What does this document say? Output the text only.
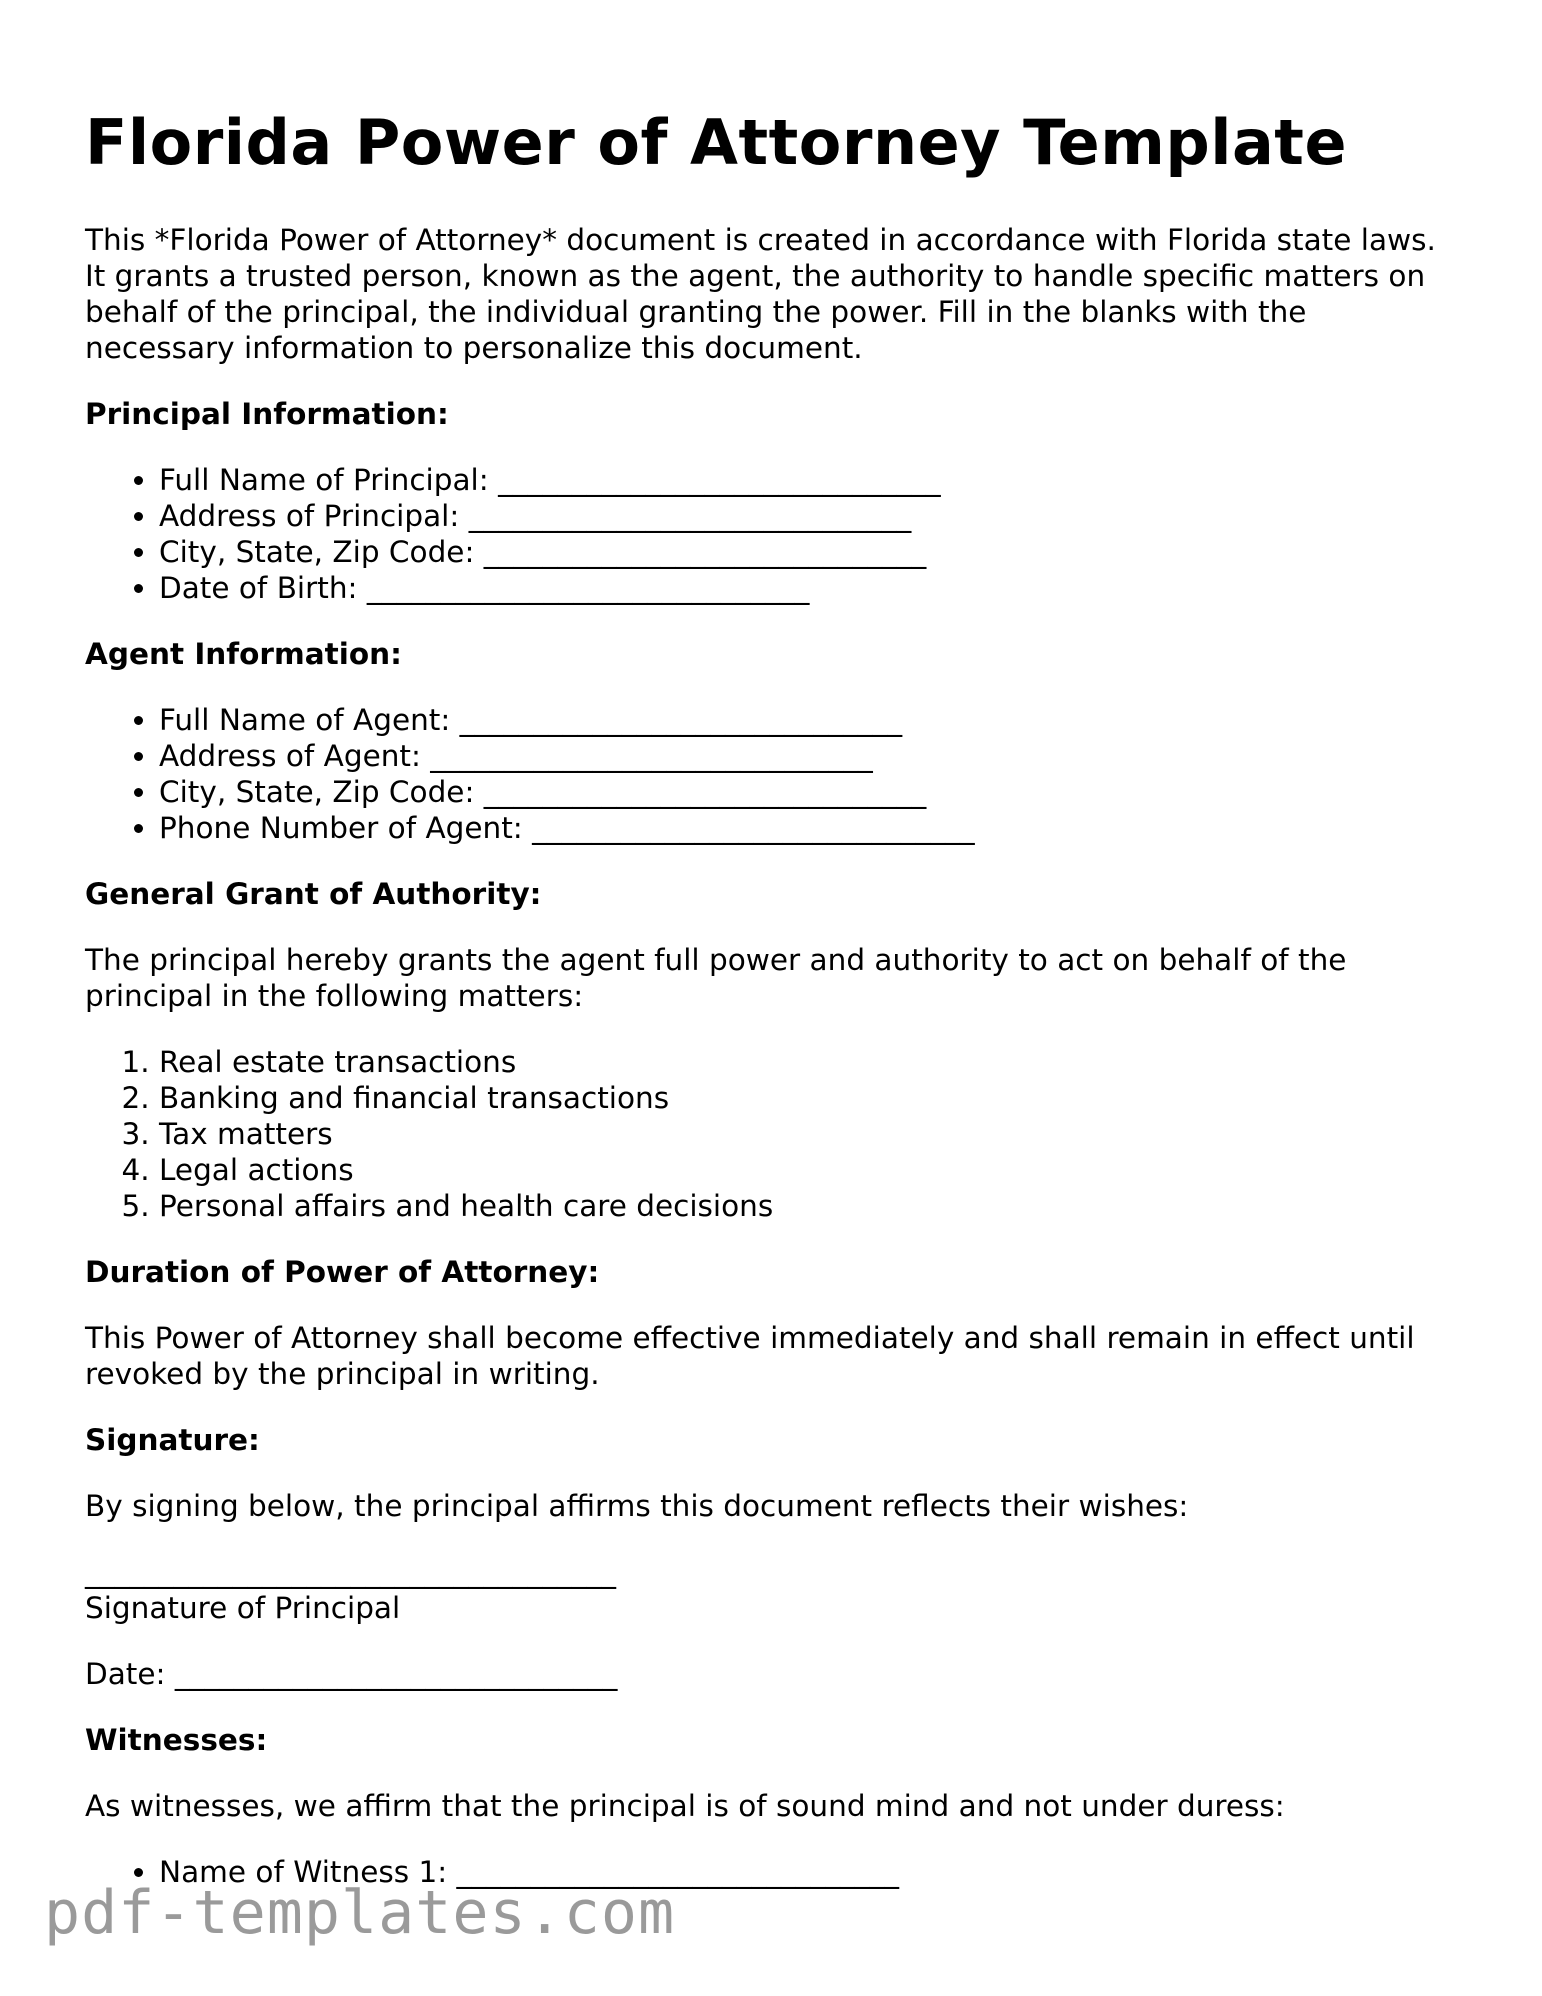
Florida Power of Attorney Template

This *Florida Power of Attorney* document is created in accordance with Florida state laws. It grants a trusted person, known as the agent, the authority to handle specific matters on behalf of the principal, the individual granting the power. Fill in the blanks with the necessary information to personalize this document.

Principal Information:
• Full Name of Principal: ______________________________
• Address of Principal: ______________________________
• City, State, Zip Code: ______________________________
• Date of Birth: ______________________________
Agent Information:
• Full Name of Agent: ______________________________
• Address of Agent: ______________________________
• City, State, Zip Code: ______________________________
• Phone Number of Agent: ______________________________
General Grant of Authority:

The principal hereby grants the agent full power and authority to act on behalf of the principal in the following matters:

1. Real estate transactions
2. Banking and financial transactions
3. Tax matters
4. Legal actions
5. Personal affairs and health care decisions
Duration of Power of Attorney:

This Power of Attorney shall become effective immediately and shall remain in effect until revoked by the principal in writing.

Signature:

By signing below, the principal affirms this document reflects their wishes:

____________________________________
Signature of Principal

Date: ______________________________

Witnesses:

As witnesses, we affirm that the principal is of sound mind and not under duress:

• Name of Witness 1: ______________________________
pdf-templates.com
